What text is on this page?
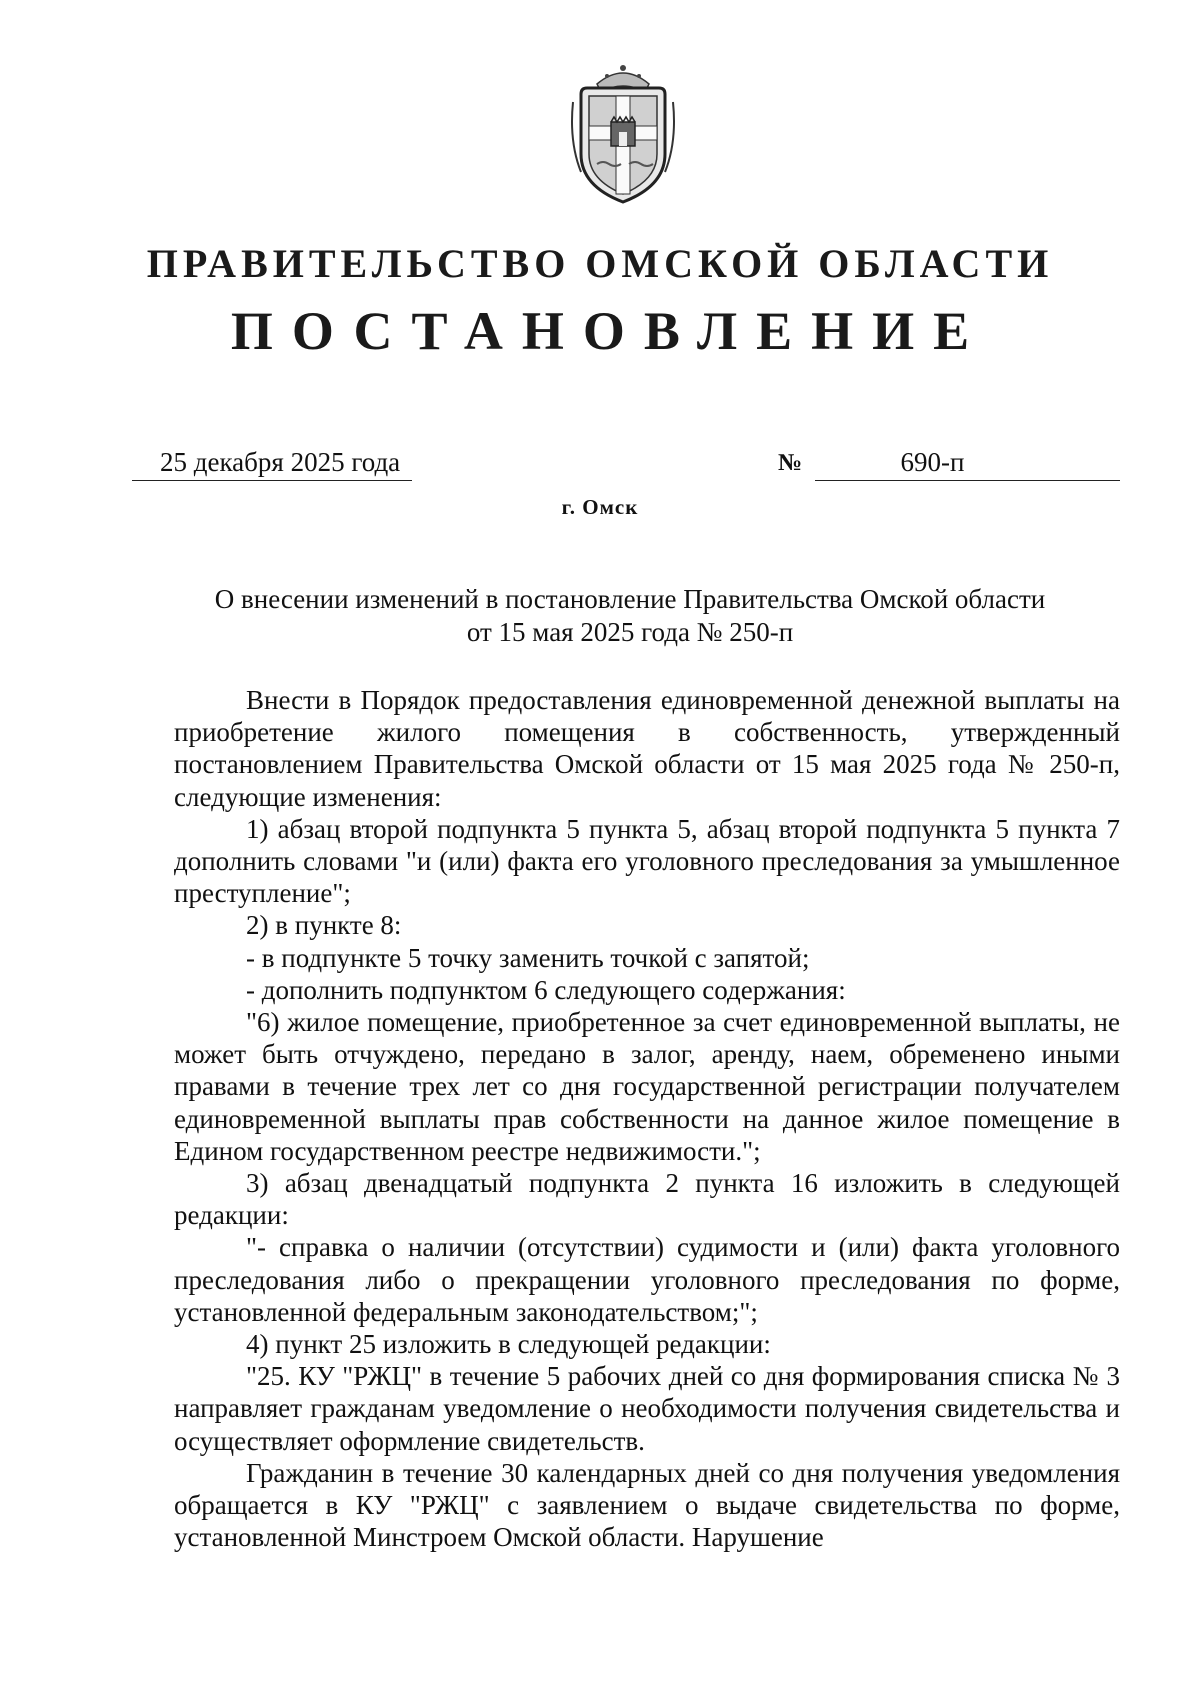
ПРАВИТЕЛЬСТВО ОМСКОЙ ОБЛАСТИ
ПОСТАНОВЛЕНИЕ
25 декабря 2025 года	№	690-п
г. Омск
О внесении изменений в постановление Правительства Омской области
от 15 мая 2025 года № 250-п

Внести в Порядок предоставления единовременной денежной выплаты на приобретение жилого помещения в собственность, утвержденный постановлением Правительства Омской области от 15 мая 2025 года № 250-п, следующие изменения:

1) абзац второй подпункта 5 пункта 5, абзац второй подпункта 5 пункта 7 дополнить словами "и (или) факта его уголовного преследования за умышленное преступление";

2) в пункте 8:

- в подпункте 5 точку заменить точкой с запятой;

- дополнить подпунктом 6 следующего содержания:

"6) жилое помещение, приобретенное за счет единовременной выплаты, не может быть отчуждено, передано в залог, аренду, наем, обременено иными правами в течение трех лет со дня государственной регистрации получателем единовременной выплаты прав собственности на данное жилое помещение в Едином государственном реестре недвижимости.";

3) абзац двенадцатый подпункта 2 пункта 16 изложить в следующей редакции:

"- справка о наличии (отсутствии) судимости и (или) факта уголовного преследования либо о прекращении уголовного преследования по форме, установленной федеральным законодательством;";

4) пункт 25 изложить в следующей редакции:

"25. КУ "РЖЦ" в течение 5 рабочих дней со дня формирования списка № 3 направляет гражданам уведомление о необходимости получения свидетельства и осуществляет оформление свидетельств.

Гражданин в течение 30 календарных дней со дня получения уведомления обращается в КУ "РЖЦ" с заявлением о выдаче свидетельства по форме, установленной Минстроем Омской области. Нарушение
